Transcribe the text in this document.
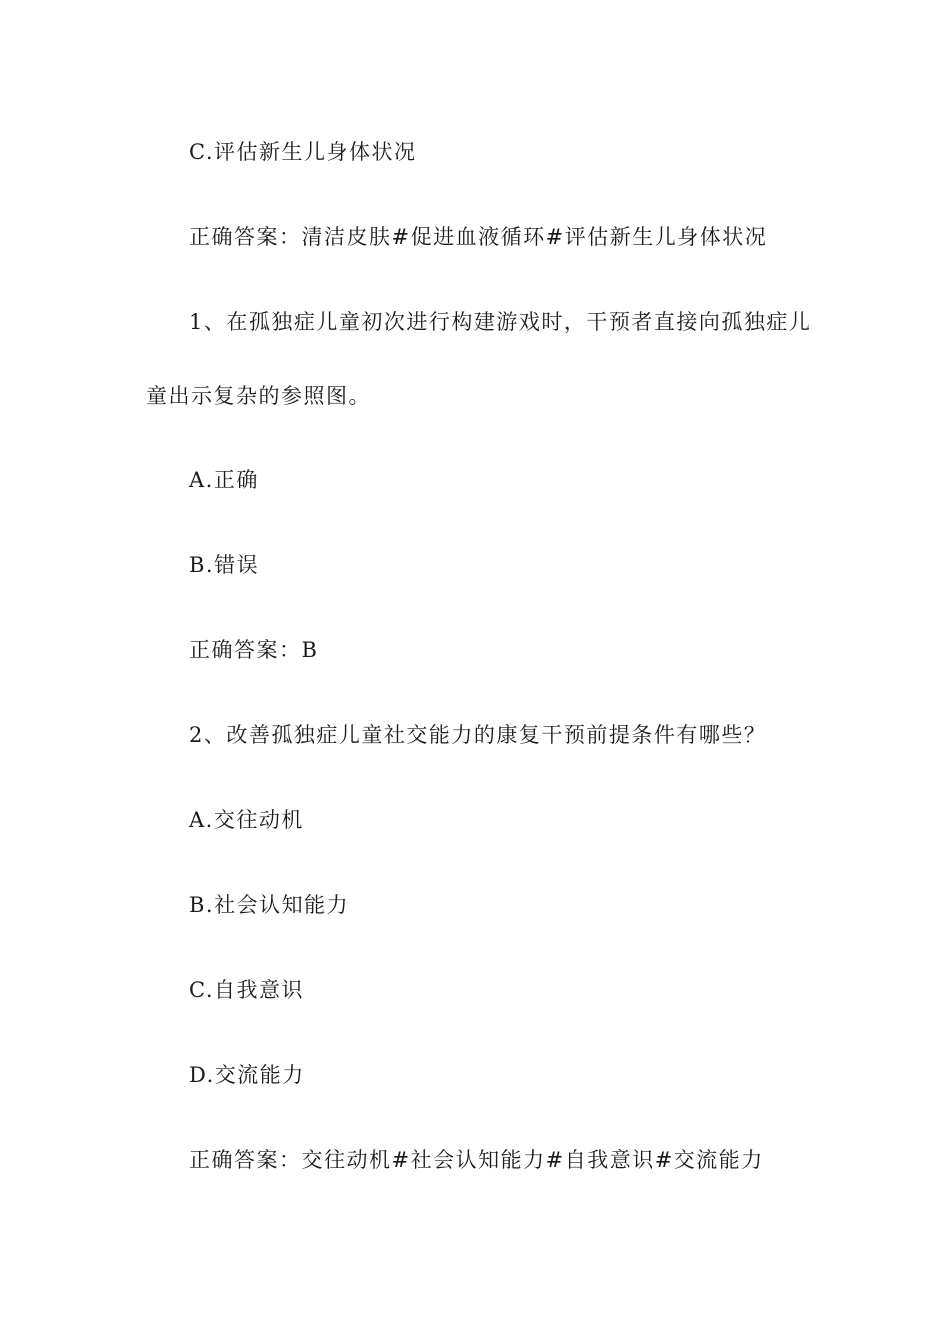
C.评估新生儿身体状况
正确答案：清洁皮肤#促进血液循环#评估新生儿身体状况
1、在孤独症儿童初次进行构建游戏时，干预者直接向孤独症儿
童出示复杂的参照图。
A.正确
B.错误
正确答案：B
2、改善孤独症儿童社交能力的康复干预前提条件有哪些？
A.交往动机
B.社会认知能力
C.自我意识
D.交流能力
正确答案：交往动机#社会认知能力#自我意识#交流能力
